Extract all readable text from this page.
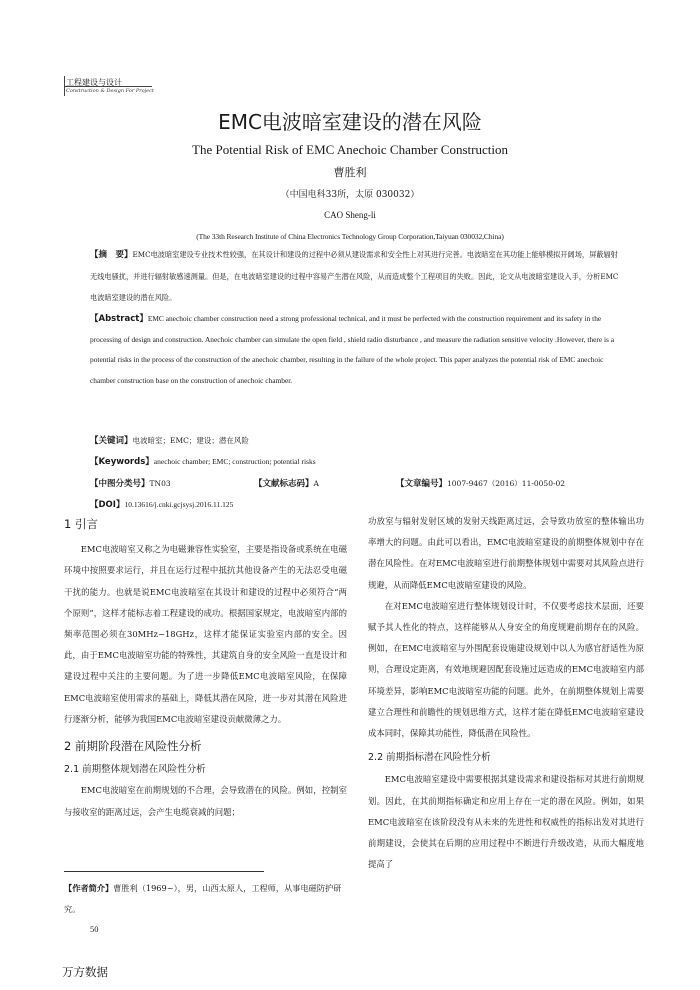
工程建设与设计
Construction & Design For Project
EMC电波暗室建设的潜在风险
The Potential Risk of EMC Anechoic Chamber Construction
曹胜利
（中国电科33所，太原 030032）
CAO Sheng-li
(The 33th Research Institute of China Electronics Technology Group Corporation,Taiyuan 030032,China)
【摘　要】EMC电波暗室建设专业技术性较强，在其设计和建设的过程中必须从建设需求和安全性上对其进行完善。电波暗室在其功能上能够模拟开阔场，屏蔽辐射无线电骚扰，并进行辐射敏感速测量。但是，在电波暗室建设的过程中容易产生潜在风险，从而造成整个工程项目的失败。因此，论文从电波暗室建设入手，分析EMC电波暗室建设的潜在风险。
【Abstract】EMC anechoic chamber construction need a strong professional technical, and it must be perfected with the construction requirement and its safety in the processing of design and construction. Anechoic chamber can simulate the open field , shield radio disturbance , and measure the radiation sensitive velocity .However, there is a potential risks in the process of the construction of the anechoic chamber, resulting in the failure of the whole project. This paper analyzes the potential risk of EMC anechoic chamber construction base on the construction of anechoic chamber.
【关键词】电波暗室；EMC；建设；潜在风险
【Keywords】anechoic chamber; EMC; construction; potential risks
【中图分类号】TN03	【文献标志码】A	【文章编号】1007-9467（2016）11-0050-02
【DOI】10.13616/j.cnki.gcjsysj.2016.11.125
1 引言

EMC电波暗室又称之为电磁兼容性实验室，主要是指设备或系统在电磁环境中按照要求运行，并且在运行过程中抵抗其他设备产生的无法忍受电磁干扰的能力。也就是说EMC电波暗室在其设计和建设的过程中必须符合“两个原则”，这样才能标志着工程建设的成功。根据国家规定，电波暗室内部的频率范围必须在30MHz~18GHz，这样才能保证实验室内部的安全。因此，由于EMC电波暗室功能的特殊性，其建筑自身的安全风险一直是设计和建设过程中关注的主要问题。为了进一步降低EMC电波暗室风险，在保障EMC电波暗室使用需求的基础上，降低其潜在风险，进一步对其潜在风险进行逐渐分析，能够为我国EMC电波暗室建设贡献微薄之力。

2 前期阶段潜在风险性分析
2.1 前期整体规划潜在风险性分析

EMC电波暗室在前期规划的不合理，会导致潜在的风险。例如，控制室与接收室的距离过远，会产生电缆衰减的问题；

【作者简介】曹胜利（1969~），男，山西太原人，工程师，从事电磁防护研究。
50

功放室与辐射发射区域的发射天线距离过远，会导致功放室的整体输出功率增大的问题。由此可以看出，EMC电波暗室建设的前期整体规划中存在潜在风险性。在对EMC电波暗室进行前期整体规划中需要对其风险点进行规避，从而降低EMC电波暗室建设的风险。

在对EMC电波暗室进行整体规划设计时，不仅要考虑技术层面，还要赋予其人性化的特点，这样能够从人身安全的角度规避前期存在的风险。例如，在EMC电波暗室与外围配套设施建设规划中以人为感官舒适性为原则，合理设定距离，有效地规避因配套设施过远造成的EMC电波暗室内部环境差异，影响EMC电波暗室功能的问题。此外，在前期整体规划上需要建立合理性和前瞻性的规划思维方式，这样才能在降低EMC电波暗室建设成本同时，保障其功能性，降低潜在风险性。

2.2 前期指标潜在风险性分析

EMC电波暗室建设中需要根据其建设需求和建设指标对其进行前期规划。因此，在其前期指标确定和应用上存在一定的潜在风险。例如，如果EMC电波暗室在该阶段没有从未来的先进性和权威性的指标出发对其进行前期建设，会使其在后期的应用过程中不断进行升级改造，从而大幅度地提高了

万方数据
